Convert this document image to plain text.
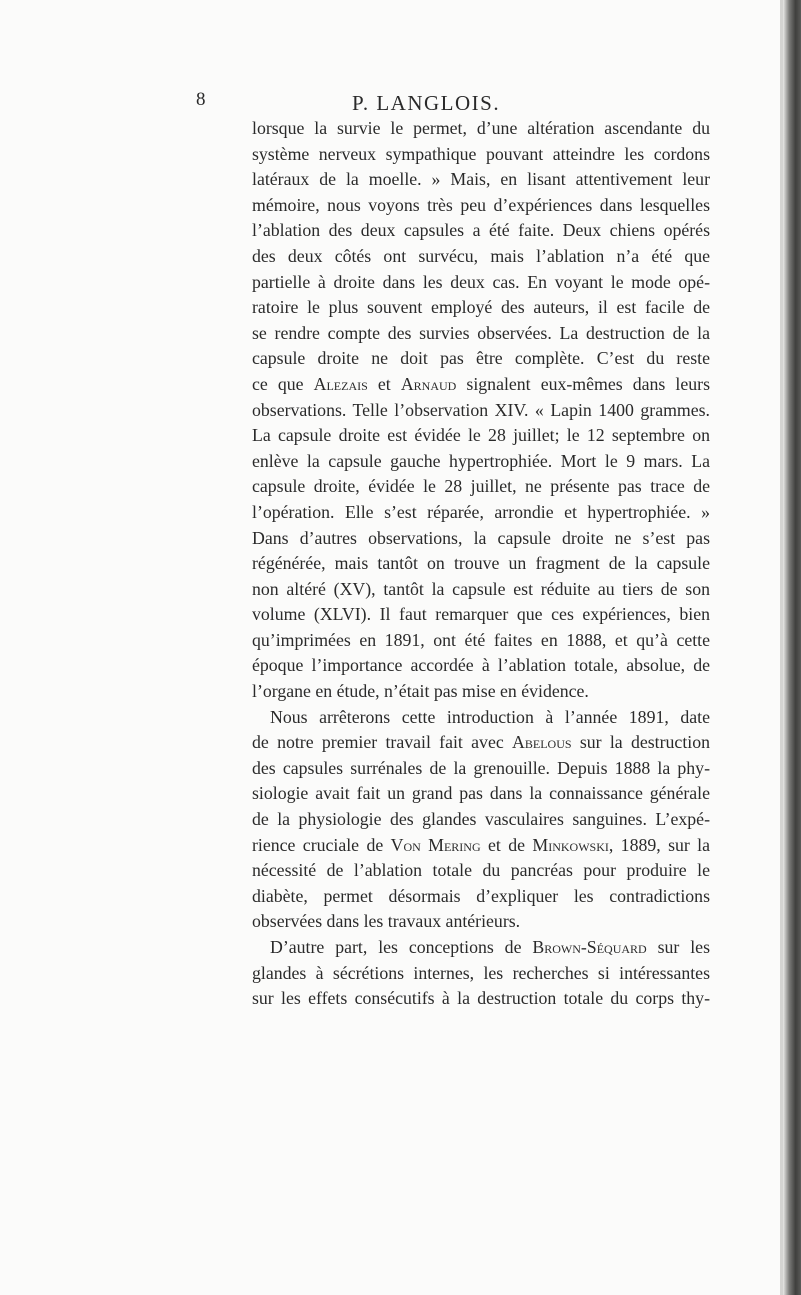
8	P. LANGLOIS.
lorsque la survie le permet, d’une altération ascendante du
système nerveux sympathique pouvant atteindre les cordons
latéraux de la moelle. » Mais, en lisant attentivement leur
mémoire, nous voyons très peu d’expériences dans lesquelles
l’ablation des deux capsules a été faite. Deux chiens opérés
des deux côtés ont survécu, mais l’ablation n’a été que
partielle à droite dans les deux cas. En voyant le mode opé-
ratoire le plus souvent employé des auteurs, il est facile de
se rendre compte des survies observées. La destruction de la
capsule droite ne doit pas être complète. C’est du reste
ce que Alezais et Arnaud signalent eux-mêmes dans leurs
observations. Telle l’observation XIV. « Lapin 1400 grammes.
La capsule droite est évidée le 28 juillet; le 12 septembre on
enlève la capsule gauche hypertrophiée. Mort le 9 mars. La
capsule droite, évidée le 28 juillet, ne présente pas trace de
l’opération. Elle s’est réparée, arrondie et hypertrophiée. »
Dans d’autres observations, la capsule droite ne s’est pas
régénérée, mais tantôt on trouve un fragment de la capsule
non altéré (XV), tantôt la capsule est réduite au tiers de son
volume (XLVI). Il faut remarquer que ces expériences, bien
qu’imprimées en 1891, ont été faites en 1888, et qu’à cette
époque l’importance accordée à l’ablation totale, absolue, de
l’organe en étude, n’était pas mise en évidence.
Nous arrêterons cette introduction à l’année 1891, date
de notre premier travail fait avec Abelous sur la destruction
des capsules surrénales de la grenouille. Depuis 1888 la phy-
siologie avait fait un grand pas dans la connaissance générale
de la physiologie des glandes vasculaires sanguines. L’expé-
rience cruciale de Von Mering et de Minkowski, 1889, sur la
nécessité de l’ablation totale du pancréas pour produire le
diabète, permet désormais d’expliquer les contradictions
observées dans les travaux antérieurs.
D’autre part, les conceptions de Brown-Séquard sur les
glandes à sécrétions internes, les recherches si intéressantes
sur les effets consécutifs à la destruction totale du corps thy-
